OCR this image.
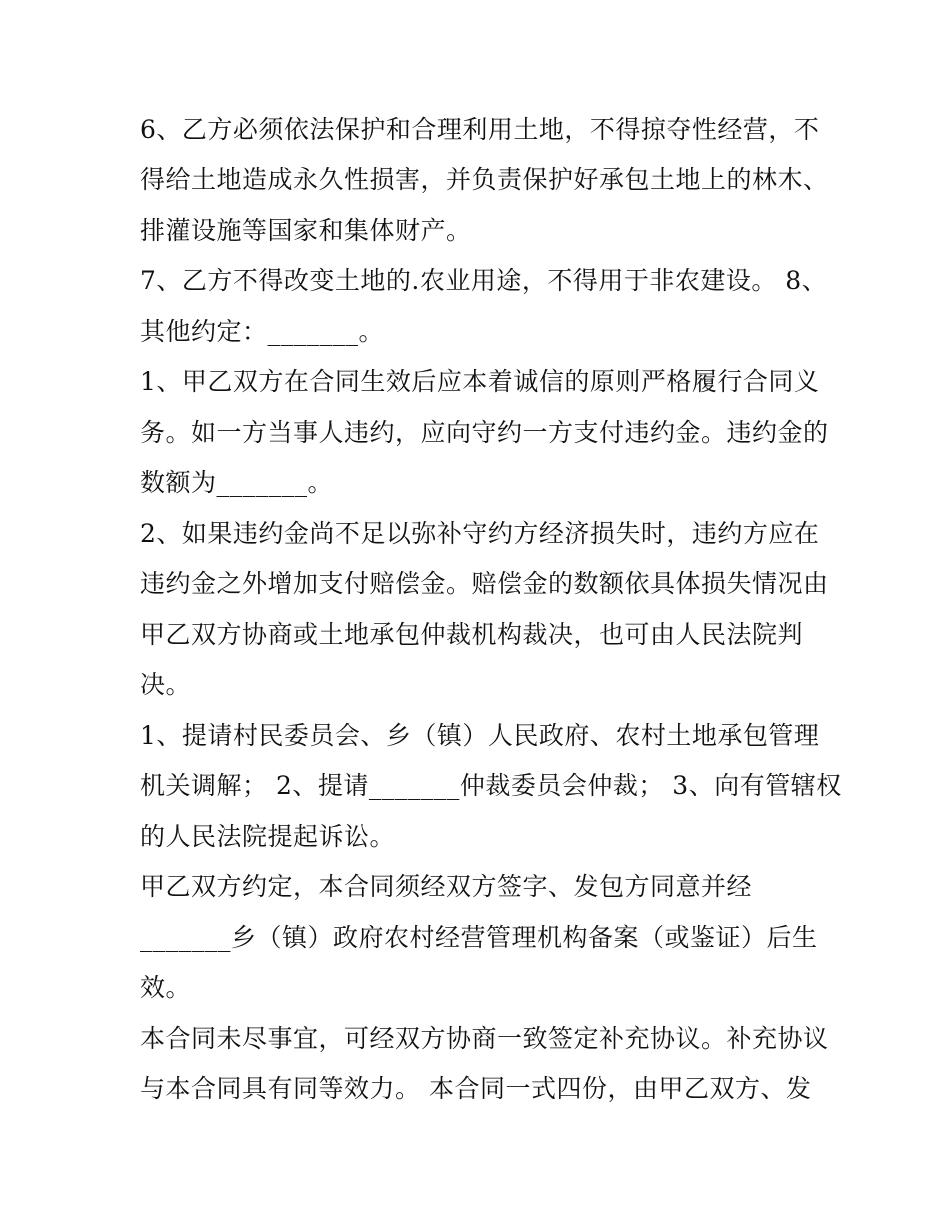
6、乙方必须依法保护和合理利用土地，不得掠夺性经营，不
得给土地造成永久性损害，并负责保护好承包土地上的林木、
排灌设施等国家和集体财产。
7、乙方不得改变土地的.农业用途，不得用于非农建设。 8、
其他约定：_______。
1、甲乙双方在合同生效后应本着诚信的原则严格履行合同义
务。如一方当事人违约，应向守约一方支付违约金。违约金的
数额为_______。
2、如果违约金尚不足以弥补守约方经济损失时，违约方应在
违约金之外增加支付赔偿金。赔偿金的数额依具体损失情况由
甲乙双方协商或土地承包仲裁机构裁决，也可由人民法院判
决。
1、提请村民委员会、乡（镇）人民政府、农村土地承包管理
机关调解； 2、提请_______仲裁委员会仲裁； 3、向有管辖权
的人民法院提起诉讼。
甲乙双方约定，本合同须经双方签字、发包方同意并经
_______乡（镇）政府农村经营管理机构备案（或鉴证）后生
效。
本合同未尽事宜，可经双方协商一致签定补充协议。补充协议
与本合同具有同等效力。 本合同一式四份，由甲乙双方、发
